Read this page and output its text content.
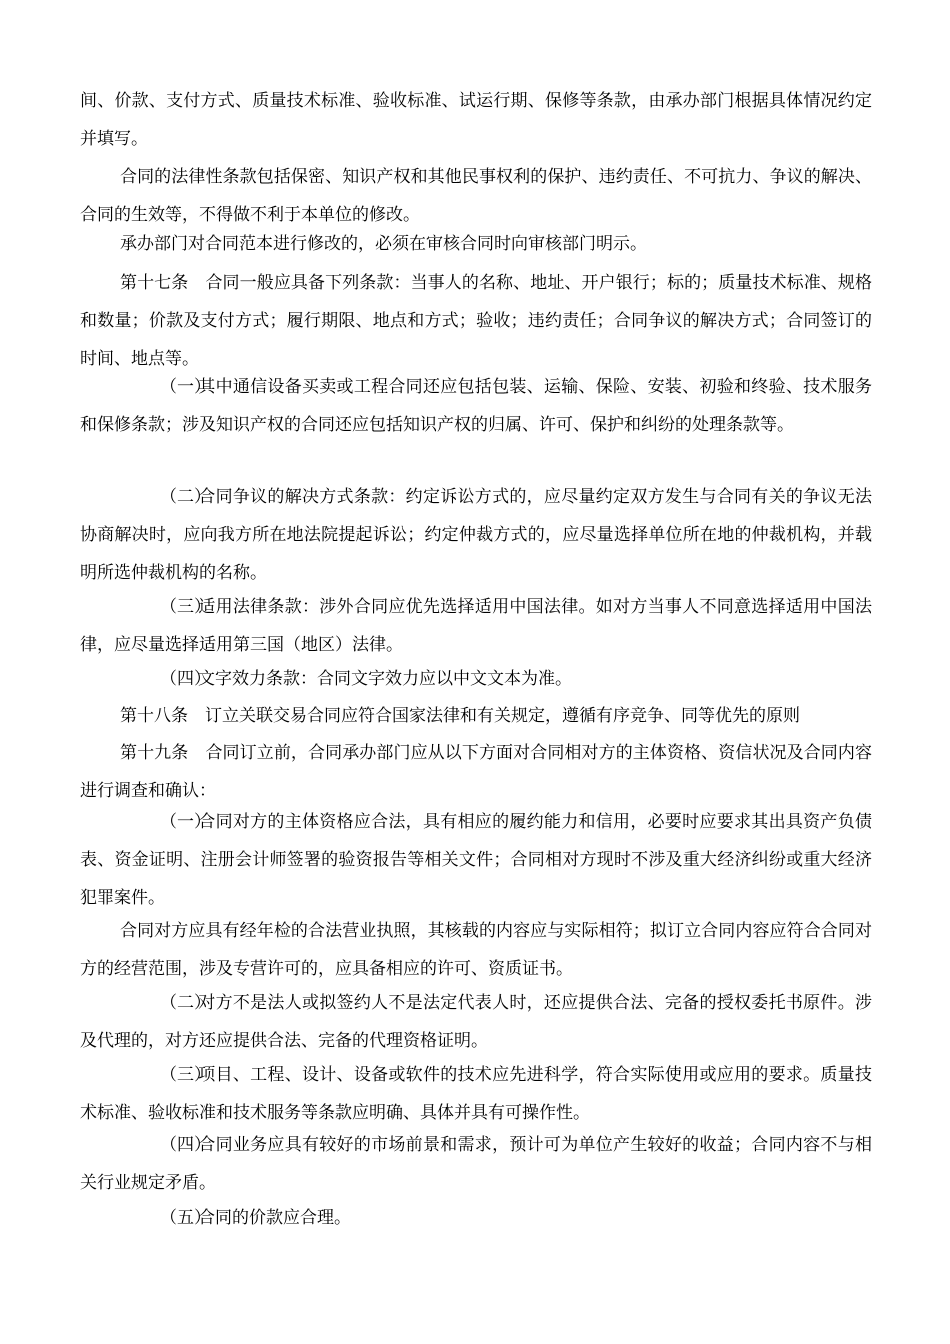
间、价款、支付方式、质量技术标准、验收标准、试运行期、保修等条款，由承办部门根据具体情况约定并填写。

合同的法律性条款包括保密、知识产权和其他民事权利的保护、违约责任、不可抗力、争议的解决、合同的生效等，不得做不利于本单位的修改。

承办部门对合同范本进行修改的，必须在审核合同时向审核部门明示。

第十七条　合同一般应具备下列条款：当事人的名称、地址、开户银行；标的；质量技术标准、规格和数量；价款及支付方式；履行期限、地点和方式；验收；违约责任；合同争议的解决方式；合同签订的时间、地点等。

（一）其中通信设备买卖或工程合同还应包括包装、运输、保险、安装、初验和终验、技术服务和保修条款；涉及知识产权的合同还应包括知识产权的归属、许可、保护和纠纷的处理条款等。

（二）合同争议的解决方式条款：约定诉讼方式的，应尽量约定双方发生与合同有关的争议无法协商解决时，应向我方所在地法院提起诉讼；约定仲裁方式的，应尽量选择单位所在地的仲裁机构，并载明所选仲裁机构的名称。

（三）适用法律条款：涉外合同应优先选择适用中国法律。如对方当事人不同意选择适用中国法律，应尽量选择适用第三国（地区）法律。

（四）文字效力条款：合同文字效力应以中文文本为准。

第十八条　订立关联交易合同应符合国家法律和有关规定，遵循有序竞争、同等优先的原则

第十九条　合同订立前，合同承办部门应从以下方面对合同相对方的主体资格、资信状况及合同内容进行调查和确认：

（一）合同对方的主体资格应合法，具有相应的履约能力和信用，必要时应要求其出具资产负债表、资金证明、注册会计师签署的验资报告等相关文件；合同相对方现时不涉及重大经济纠纷或重大经济犯罪案件。

合同对方应具有经年检的合法营业执照，其核载的内容应与实际相符；拟订立合同内容应符合合同对方的经营范围，涉及专营许可的，应具备相应的许可、资质证书。

（二）对方不是法人或拟签约人不是法定代表人时，还应提供合法、完备的授权委托书原件。涉及代理的，对方还应提供合法、完备的代理资格证明。

（三）项目、工程、设计、设备或软件的技术应先进科学，符合实际使用或应用的要求。质量技术标准、验收标准和技术服务等条款应明确、具体并具有可操作性。

（四）合同业务应具有较好的市场前景和需求，预计可为单位产生较好的收益；合同内容不与相关行业规定矛盾。

（五）合同的价款应合理。
